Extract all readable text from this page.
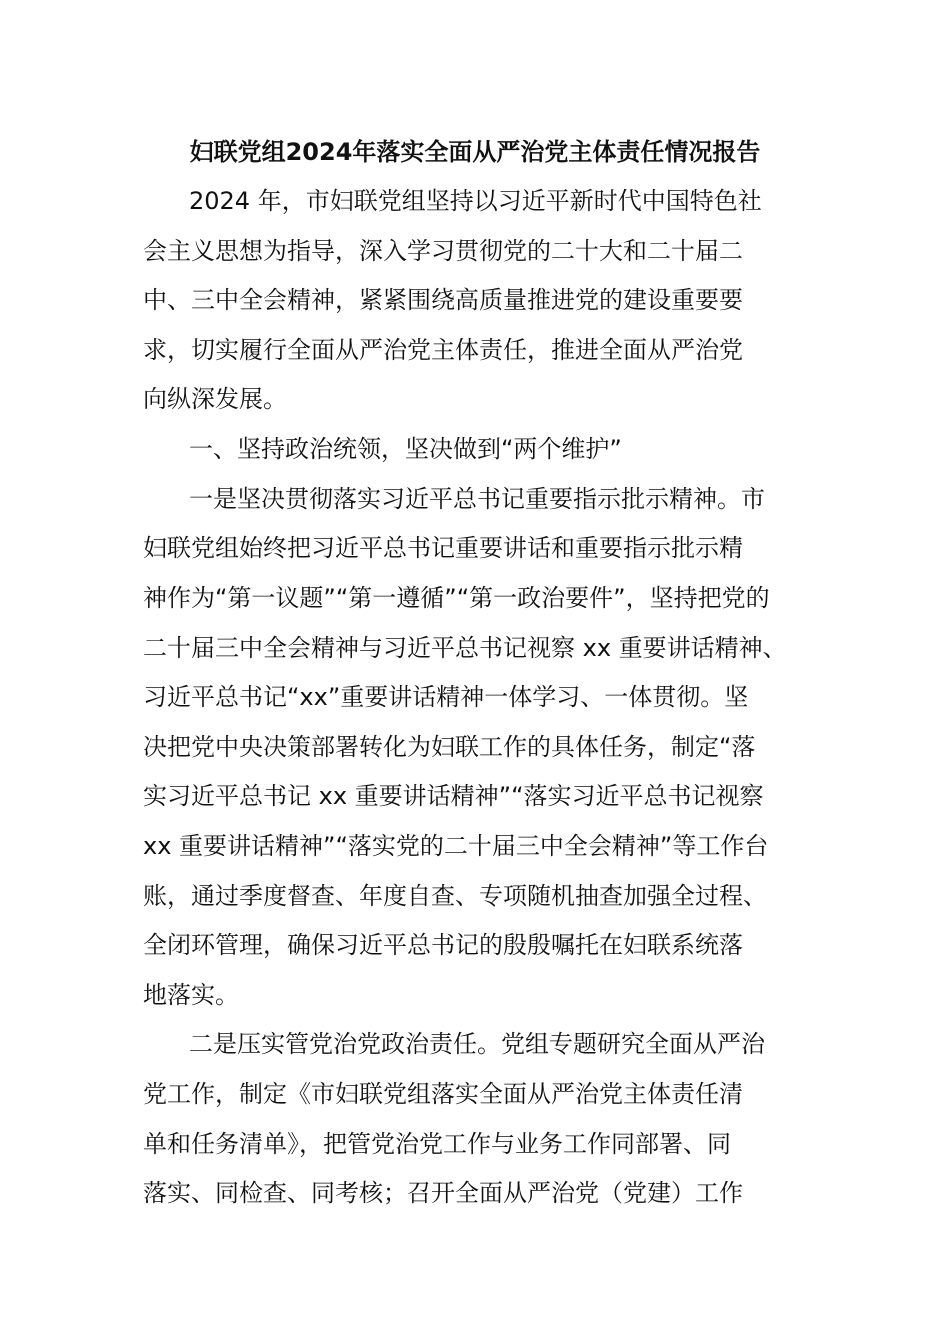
妇联党组2024年落实全面从严治党主体责任情况报告

2024 年，市妇联党组坚持以习近平新时代中国特色社

会主义思想为指导，深入学习贯彻党的二十大和二十届二

中、三中全会精神，紧紧围绕高质量推进党的建设重要要

求，切实履行全面从严治党主体责任，推进全面从严治党

向纵深发展。

一、坚持政治统领，坚决做到“两个维护”

一是坚决贯彻落实习近平总书记重要指示批示精神。市

妇联党组始终把习近平总书记重要讲话和重要指示批示精

神作为“第一议题”“第一遵循”“第一政治要件”，坚持把党的

二十届三中全会精神与习近平总书记视察 xx 重要讲话精神、

习近平总书记“xx”重要讲话精神一体学习、一体贯彻。坚

决把党中央决策部署转化为妇联工作的具体任务，制定“落

实习近平总书记 xx 重要讲话精神”“落实习近平总书记视察

xx 重要讲话精神”“落实党的二十届三中全会精神”等工作台

账，通过季度督查、年度自查、专项随机抽查加强全过程、

全闭环管理，确保习近平总书记的殷殷嘱托在妇联系统落

地落实。

二是压实管党治党政治责任。党组专题研究全面从严治

党工作，制定《市妇联党组落实全面从严治党主体责任清

单和任务清单》，把管党治党工作与业务工作同部署、同

落实、同检查、同考核；召开全面从严治党（党建）工作
